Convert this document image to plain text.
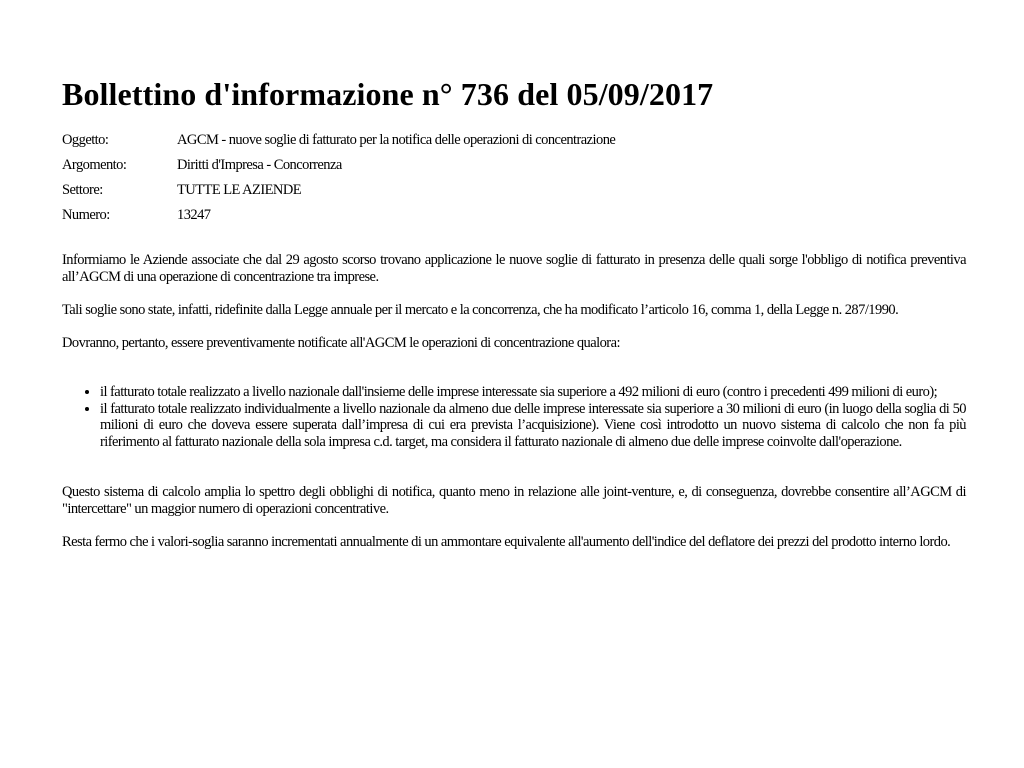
Bollettino d'informazione n° 736 del 05/09/2017
Oggetto:	AGCM - nuove soglie di fatturato per la notifica delle operazioni di concentrazione
Argomento:	Diritti d'Impresa - Concorrenza
Settore:	TUTTE LE AZIENDE
Numero:	13247

Informiamo le Aziende associate che dal 29 agosto scorso trovano applicazione le nuove soglie di fatturato in presenza delle quali sorge l'obbligo di notifica preventiva all’AGCM di una operazione di concentrazione tra imprese.

Tali soglie sono state, infatti, ridefinite dalla Legge annuale per il mercato e la concorrenza, che ha modificato l’articolo 16, comma 1, della Legge n. 287/1990.

Dovranno, pertanto, essere preventivamente notificate all'AGCM le operazioni di concentrazione qualora:

• il fatturato totale realizzato a livello nazionale dall'insieme delle imprese interessate sia superiore a 492 milioni di euro (contro i precedenti 499 milioni di euro);
• il fatturato totale realizzato individualmente a livello nazionale da almeno due delle imprese interessate sia superiore a 30 milioni di euro (in luogo della soglia di 50 milioni di euro che doveva essere superata dall’impresa di cui era prevista l’acquisizione). Viene così introdotto un nuovo sistema di calcolo che non fa più riferimento al fatturato nazionale della sola impresa c.d. target, ma considera il fatturato nazionale di almeno due delle imprese coinvolte dall'operazione.

Questo sistema di calcolo amplia lo spettro degli obblighi di notifica, quanto meno in relazione alle joint-venture, e, di conseguenza, dovrebbe consentire all’AGCM di "intercettare" un maggior numero di operazioni concentrative.

Resta fermo che i valori-soglia saranno incrementati annualmente di un ammontare equivalente all'aumento dell'indice del deflatore dei prezzi del prodotto interno lordo.
